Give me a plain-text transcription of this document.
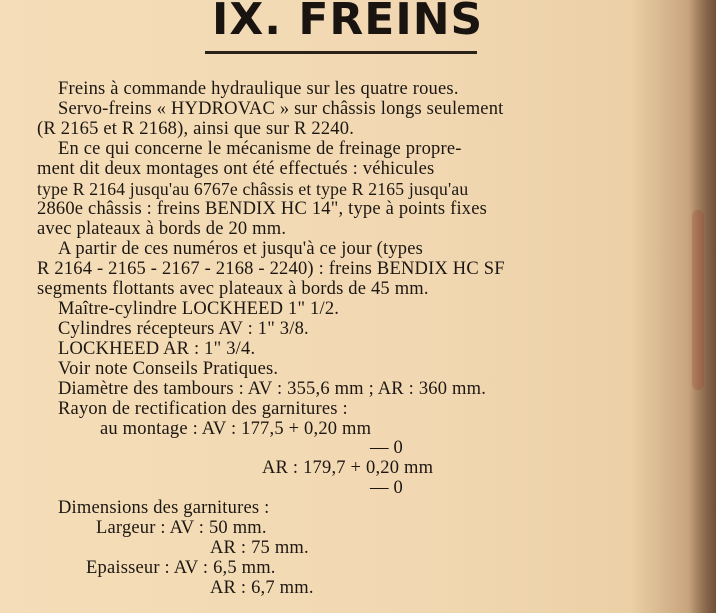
IX. FREINS
Freins à commande hydraulique sur les quatre roues.
Servo-freins « HYDROVAC » sur châssis longs seulement
(R 2165 et R 2168), ainsi que sur R 2240.
En ce qui concerne le mécanisme de freinage propre-
ment dit deux montages ont été effectués : véhicules
type R 2164 jusqu'au 6767e châssis et type R 2165 jusqu'au
2860e châssis : freins BENDIX HC 14", type à points fixes
avec plateaux à bords de 20 mm.
A partir de ces numéros et jusqu'à ce jour (types
R 2164 - 2165 - 2167 - 2168 - 2240) : freins BENDIX HC SF
segments flottants avec plateaux à bords de 45 mm.
Maître-cylindre LOCKHEED 1" 1/2.
Cylindres récepteurs AV : 1" 3/8.
LOCKHEED AR : 1" 3/4.
Voir note Conseils Pratiques.
Diamètre des tambours : AV : 355,6 mm ; AR : 360 mm.
Rayon de rectification des garnitures :
au montage : AV : 177,5 + 0,20 mm
— 0
AR : 179,7 + 0,20 mm
— 0
Dimensions des garnitures :
Largeur : AV : 50 mm.
AR : 75 mm.
Epaisseur : AV : 6,5 mm.
AR : 6,7 mm.
